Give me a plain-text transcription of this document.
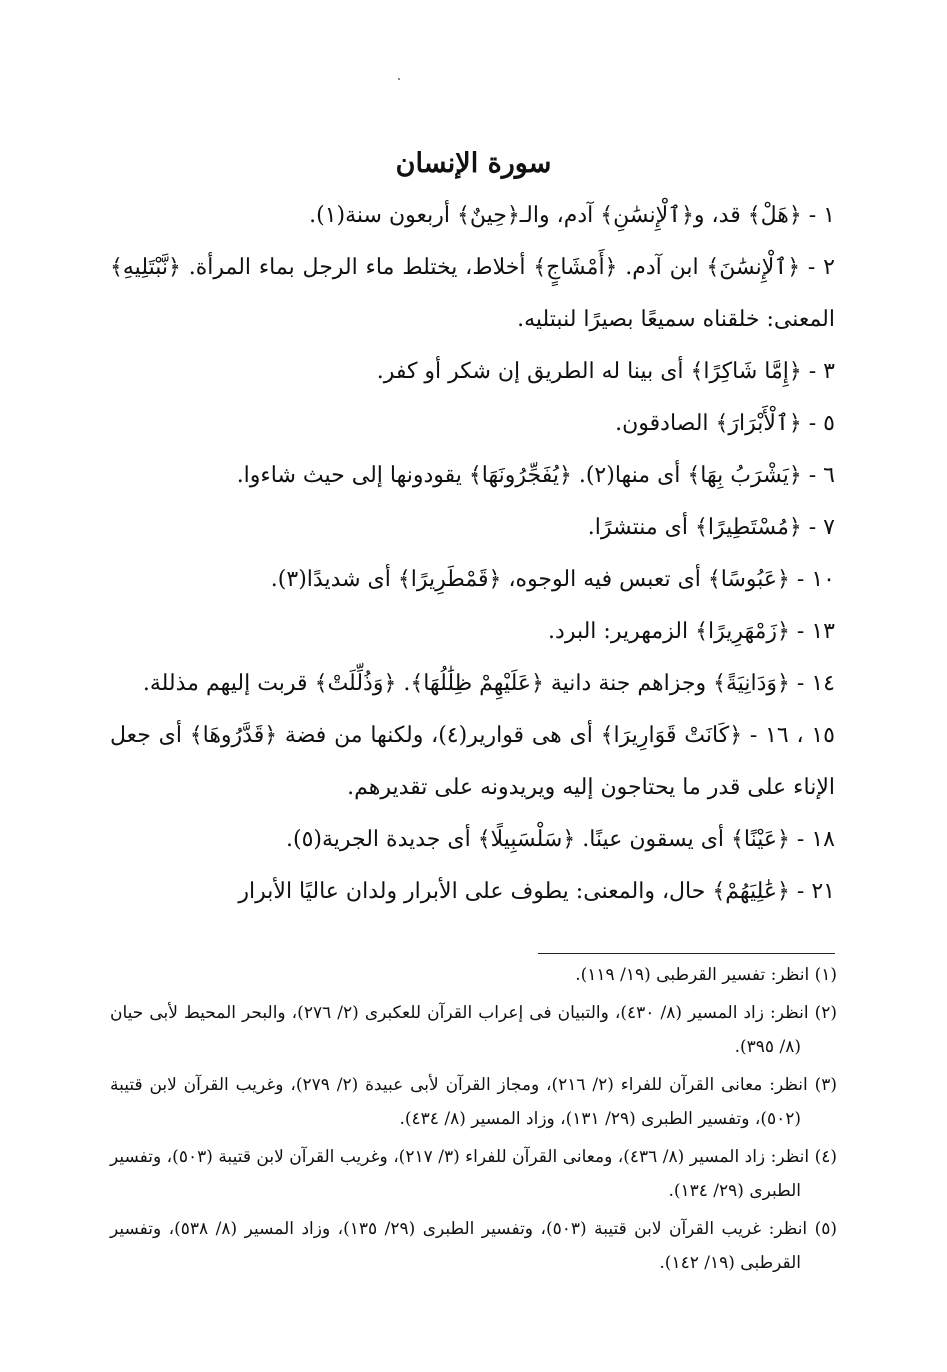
سورة الإنسان

١ - ﴿هَلْ﴾ قد، و﴿ٱلْإِنسَٰنِ﴾ آدم، والـ﴿حِينٌ﴾ أربعون سنة(١).

٢ - ﴿ٱلْإِنسَٰنَ﴾ ابن آدم. ﴿أَمْشَاجٍ﴾ أخلاط، يختلط ماء الرجل بماء المرأة. ﴿نَّبْتَلِيهِ﴾ المعنى: خلقناه سميعًا بصيرًا لنبتليه.

٣ - ﴿إِمَّا شَاكِرًا﴾ أى بينا له الطريق إن شكر أو كفر.

٥ - ﴿ٱلْأَبْرَارَ﴾ الصادقون.

٦ - ﴿يَشْرَبُ بِهَا﴾ أى منها(٢). ﴿يُفَجِّرُونَهَا﴾ يقودونها إلى حيث شاءوا.

٧ - ﴿مُسْتَطِيرًا﴾ أى منتشرًا.

١٠ - ﴿عَبُوسًا﴾ أى تعبس فيه الوجوه، ﴿قَمْطَرِيرًا﴾ أى شديدًا(٣).

١٣ - ﴿زَمْهَرِيرًا﴾ الزمهرير: البرد.

١٤ - ﴿وَدَانِيَةً﴾ وجزاهم جنة دانية ﴿عَلَيْهِمْ ظِلَٰلُهَا﴾. ﴿وَذُلِّلَتْ﴾ قربت إليهم مذللة.

١٥ ، ١٦ - ﴿كَانَتْ قَوَارِيرَا﴾ أى هى قوارير(٤)، ولكنها من فضة ﴿قَدَّرُوهَا﴾ أى جعل الإناء على قدر ما يحتاجون إليه ويريدونه على تقديرهم.

١٨ - ﴿عَيْنًا﴾ أى يسقون عينًا. ﴿سَلْسَبِيلًا﴾ أى جديدة الجرية(٥).

٢١ - ﴿عَٰلِيَهُمْ﴾ حال، والمعنى: يطوف على الأبرار ولدان عاليًا الأبرار

(١) انظر: تفسير القرطبى (١٩/ ١١٩).

(٢) انظر: زاد المسير (٨/ ٤٣٠)، والتبيان فى إعراب القرآن للعكبرى (٢/ ٢٧٦)، والبحر المحيط لأبى حيان (٨/ ٣٩٥).

(٣) انظر: معانى القرآن للفراء (٢/ ٢١٦)، ومجاز القرآن لأبى عبيدة (٢/ ٢٧٩)، وغريب القرآن لابن قتيبة (٥٠٢)، وتفسير الطبرى (٢٩/ ١٣١)، وزاد المسير (٨/ ٤٣٤).

(٤) انظر: زاد المسير (٨/ ٤٣٦)، ومعانى القرآن للفراء (٣/ ٢١٧)، وغريب القرآن لابن قتيبة (٥٠٣)، وتفسير الطبرى (٢٩/ ١٣٤).

(٥) انظر: غريب القرآن لابن قتيبة (٥٠٣)، وتفسير الطبرى (٢٩/ ١٣٥)، وزاد المسير (٨/ ٥٣٨)، وتفسير القرطبى (١٩/ ١٤٢).
